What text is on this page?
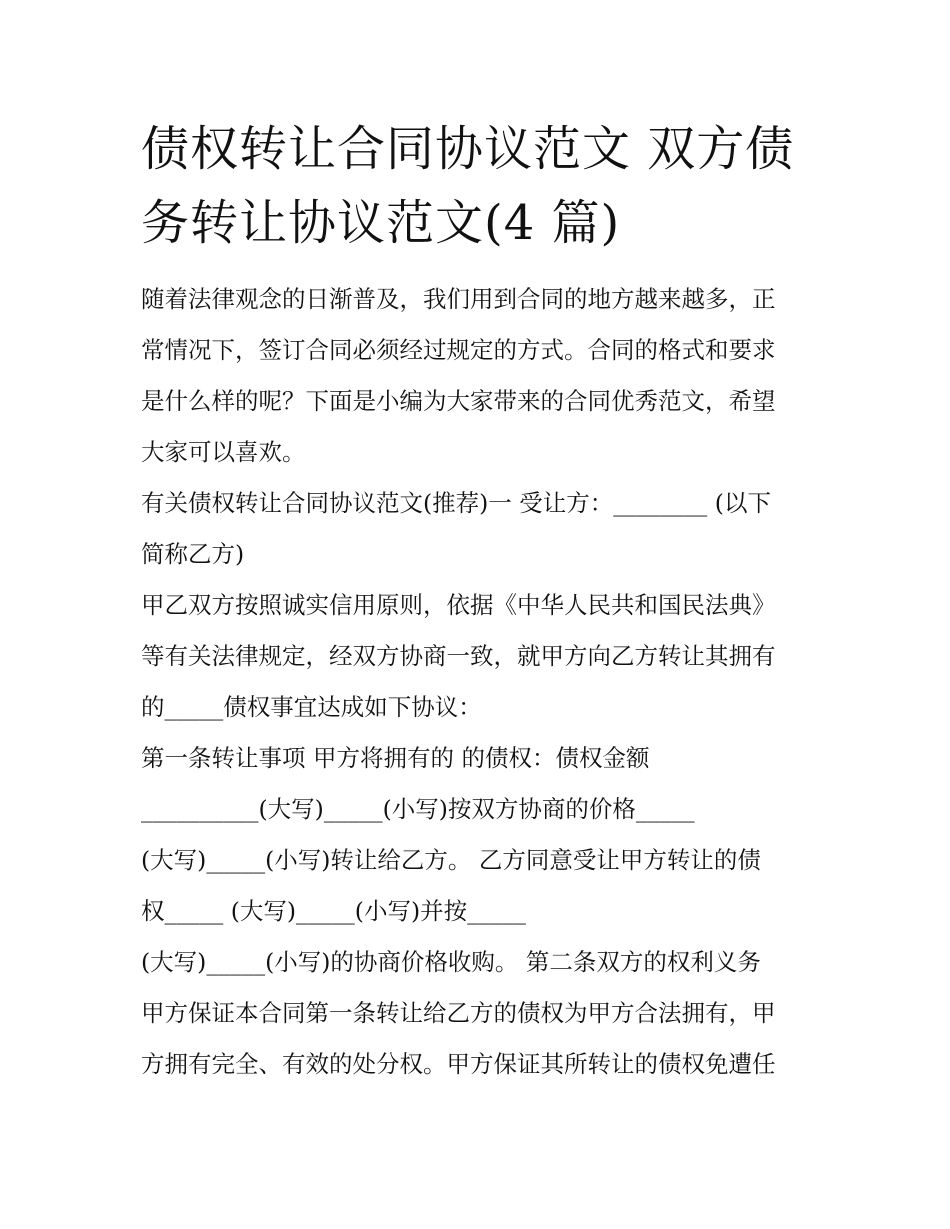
债权转让合同协议范文 双方债
务转让协议范文(4 篇)
随着法律观念的日渐普及，我们用到合同的地方越来越多，正
常情况下，签订合同必须经过规定的方式。合同的格式和要求
是什么样的呢？下面是小编为大家带来的合同优秀范文，希望
大家可以喜欢。
有关债权转让合同协议范文(推荐)一 受让方：________ (以下
简称乙方)
甲乙双方按照诚实信用原则，依据《中华人民共和国民法典》
等有关法律规定，经双方协商一致，就甲方向乙方转让其拥有
的_____债权事宜达成如下协议：
第一条转让事项 甲方将拥有的 的债权：债权金额
__________(大写)_____(小写)按双方协商的价格_____
(大写)_____(小写)转让给乙方。 乙方同意受让甲方转让的债
权_____ (大写)_____(小写)并按_____
(大写)_____(小写)的协商价格收购。 第二条双方的权利义务
甲方保证本合同第一条转让给乙方的债权为甲方合法拥有，甲
方拥有完全、有效的处分权。甲方保证其所转让的债权免遭任
